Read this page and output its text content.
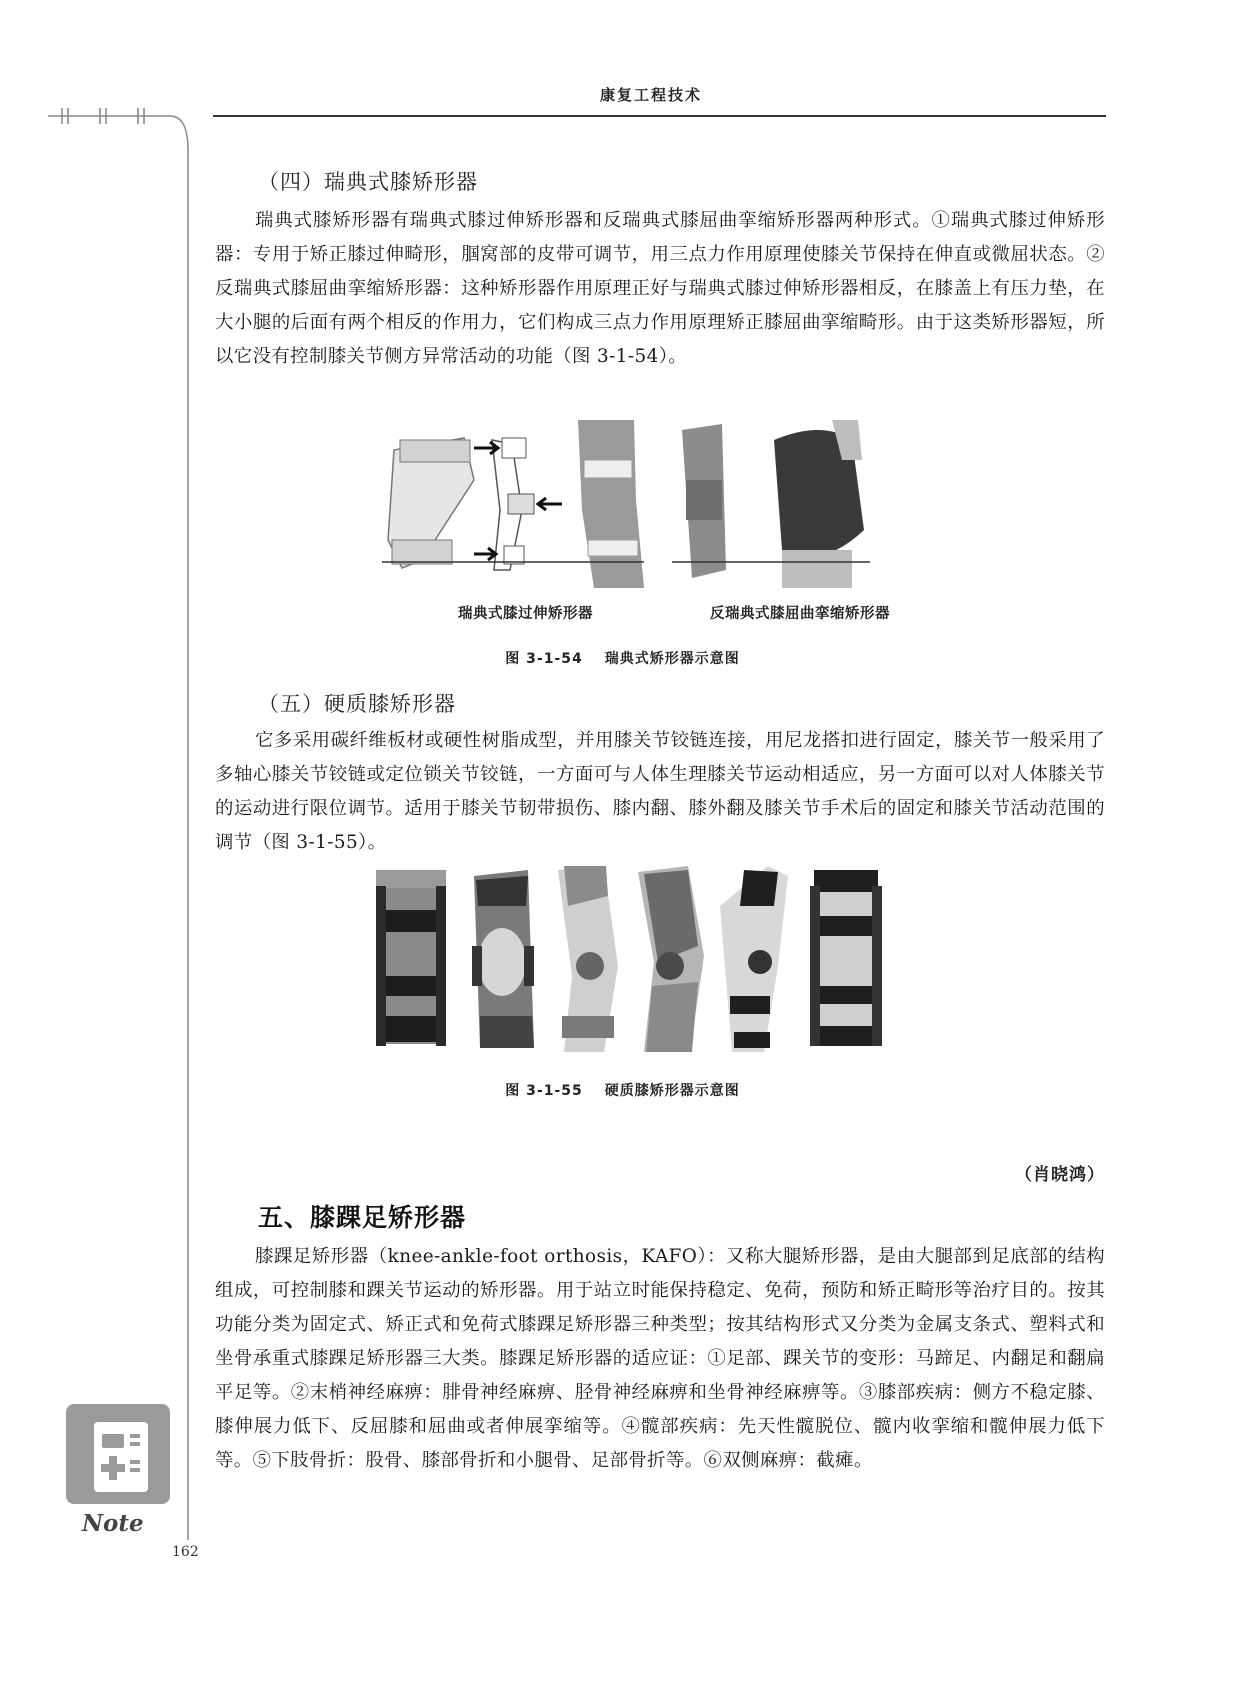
康复工程技术
（四）瑞典式膝矫形器

瑞典式膝矫形器有瑞典式膝过伸矫形器和反瑞典式膝屈曲挛缩矫形器两种形式。①瑞典式膝过伸矫形器：专用于矫正膝过伸畸形，腘窝部的皮带可调节，用三点力作用原理使膝关节保持在伸直或微屈状态。②反瑞典式膝屈曲挛缩矫形器：这种矫形器作用原理正好与瑞典式膝过伸矫形器相反，在膝盖上有压力垫，在大小腿的后面有两个相反的作用力，它们构成三点力作用原理矫正膝屈曲挛缩畸形。由于这类矫形器短，所以它没有控制膝关节侧方异常活动的功能（图 3-1-54）。

瑞典式膝过伸矫形器	反瑞典式膝屈曲挛缩矫形器
图 3-1-54 瑞典式矫形器示意图
（五）硬质膝矫形器

它多采用碳纤维板材或硬性树脂成型，并用膝关节铰链连接，用尼龙搭扣进行固定，膝关节一般采用了多轴心膝关节铰链或定位锁关节铰链，一方面可与人体生理膝关节运动相适应，另一方面可以对人体膝关节的运动进行限位调节。适用于膝关节韧带损伤、膝内翻、膝外翻及膝关节手术后的固定和膝关节活动范围的调节（图 3-1-55）。

图 3-1-55 硬质膝矫形器示意图
（肖晓鸿）
五、膝踝足矫形器

膝踝足矫形器（knee-ankle-foot orthosis，KAFO）：又称大腿矫形器，是由大腿部到足底部的结构组成，可控制膝和踝关节运动的矫形器。用于站立时能保持稳定、免荷，预防和矫正畸形等治疗目的。按其功能分类为固定式、矫正式和免荷式膝踝足矫形器三种类型；按其结构形式又分类为金属支条式、塑料式和坐骨承重式膝踝足矫形器三大类。膝踝足矫形器的适应证：①足部、踝关节的变形：马蹄足、内翻足和翻扁平足等。②末梢神经麻痹：腓骨神经麻痹、胫骨神经麻痹和坐骨神经麻痹等。③膝部疾病：侧方不稳定膝、膝伸展力低下、反屈膝和屈曲或者伸展挛缩等。④髋部疾病：先天性髋脱位、髋内收挛缩和髋伸展力低下等。⑤下肢骨折：股骨、膝部骨折和小腿骨、足部骨折等。⑥双侧麻痹：截瘫。

Note
162
